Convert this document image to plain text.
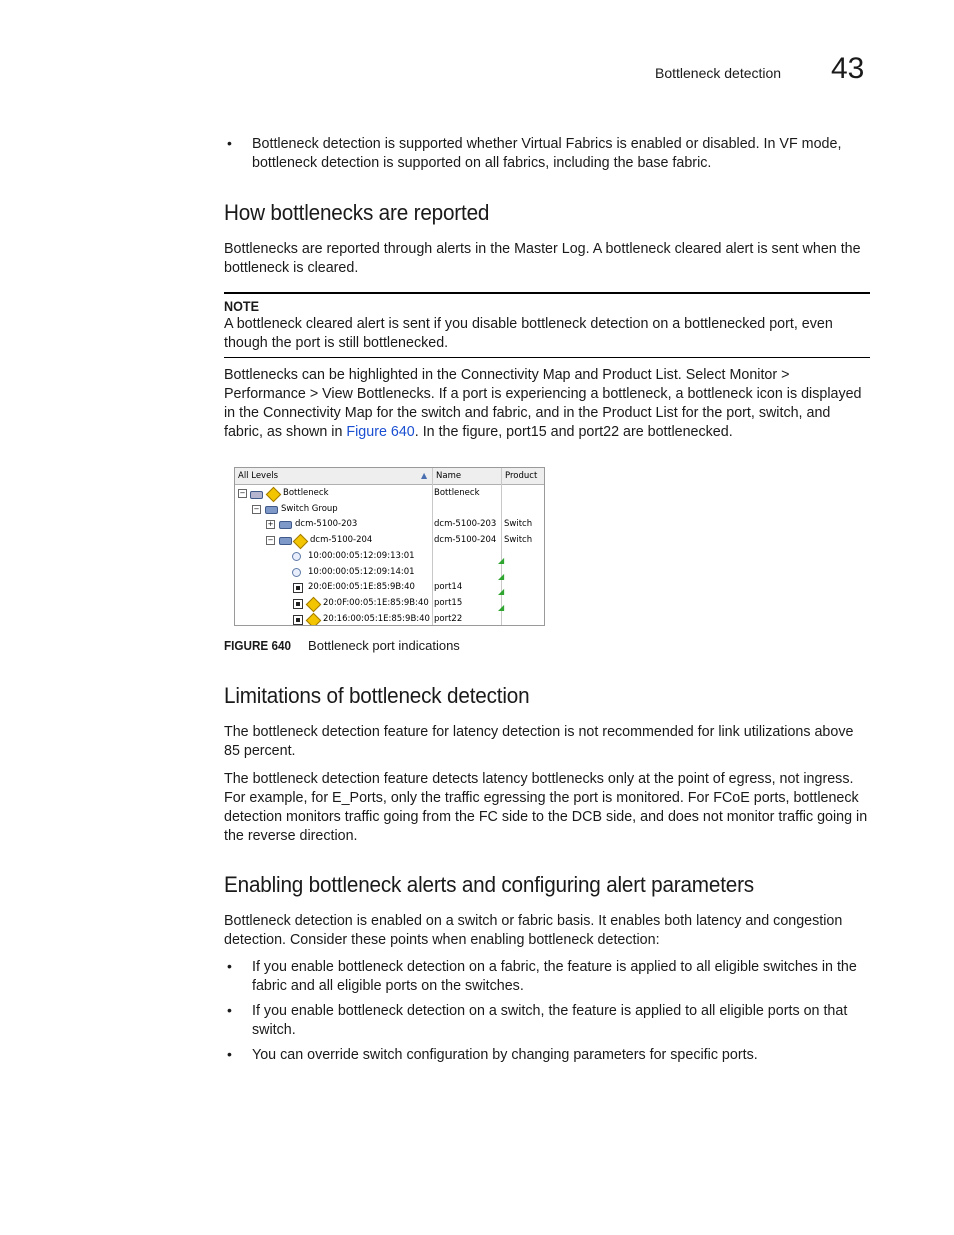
Bottleneck detection 43
• Bottleneck detection is supported whether Virtual Fabrics is enabled or disabled. In VF mode, bottleneck detection is supported on all fabrics, including the base fabric.
How bottlenecks are reported
Bottlenecks are reported through alerts in the Master Log. A bottleneck cleared alert is sent when the bottleneck is cleared.
NOTE
A bottleneck cleared alert is sent if you disable bottleneck detection on a bottlenecked port, even though the port is still bottlenecked.
Bottlenecks can be highlighted in the Connectivity Map and Product List. Select Monitor > Performance > View Bottlenecks. If a port is experiencing a bottleneck, a bottleneck icon is displayed in the Connectivity Map for the switch and fabric, and in the Product List for the port, switch, and fabric, as shown in Figure 640. In the figure, port15 and port22 are bottlenecked.
All Levels	▲ Name	Product
−	Bottleneck	Bottleneck
−	Switch Group
+	dcm-5100-203	dcm-5100-203 Switch
−	dcm-5100-204	dcm-5100-204 Switch
10:00:00:05:12:09:13:01	◢
10:00:00:05:12:09:14:01	◢
20:0E:00:05:1E:85:9B:40 port14	◢
20:0F:00:05:1E:85:9B:40 port15	◢
20:16:00:05:1E:85:9B:40 port22
FIGURE 640 Bottleneck port indications
Limitations of bottleneck detection
The bottleneck detection feature for latency detection is not recommended for link utilizations above 85 percent.
The bottleneck detection feature detects latency bottlenecks only at the point of egress, not ingress. For example, for E_Ports, only the traffic egressing the port is monitored. For FCoE ports, bottleneck detection monitors traffic going from the FC side to the DCB side, and does not monitor traffic going in the reverse direction.
Enabling bottleneck alerts and configuring alert parameters
Bottleneck detection is enabled on a switch or fabric basis. It enables both latency and congestion detection. Consider these points when enabling bottleneck detection:
• If you enable bottleneck detection on a fabric, the feature is applied to all eligible switches in the fabric and all eligible ports on the switches.
• If you enable bottleneck detection on a switch, the feature is applied to all eligible ports on that switch.
• You can override switch configuration by changing parameters for specific ports.
